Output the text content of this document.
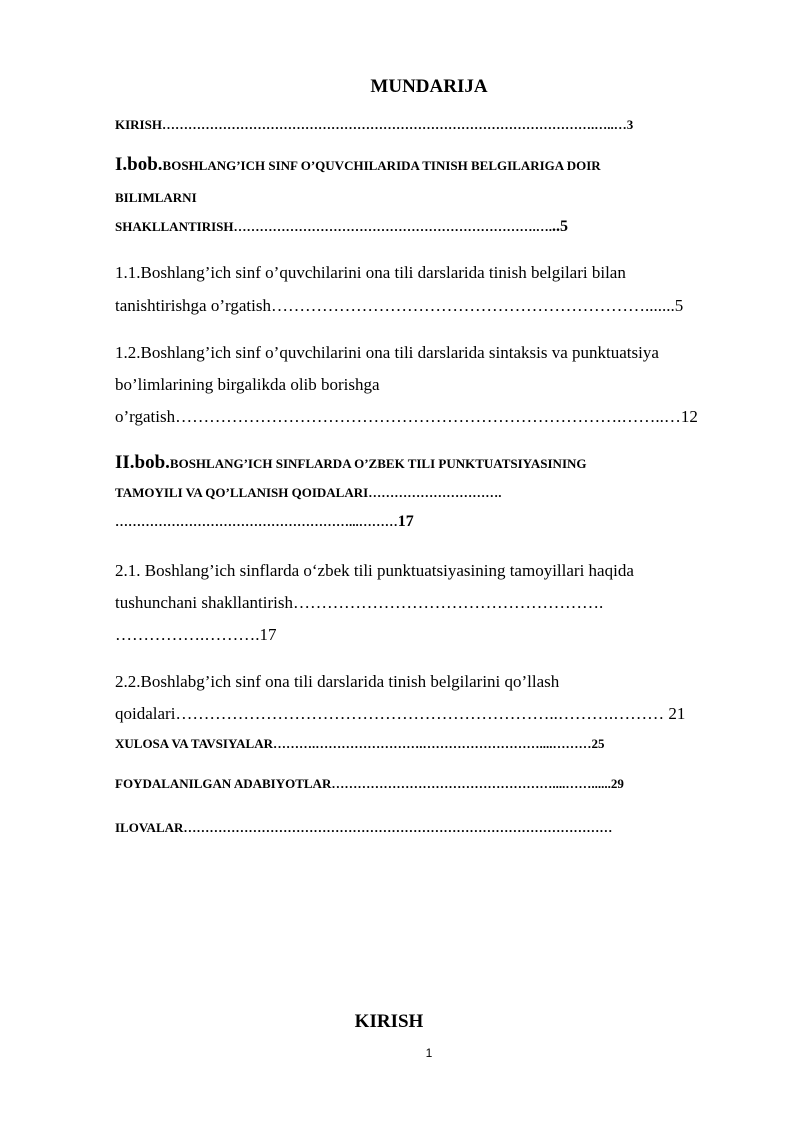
MUNDARIJA
KIRISH……………………………………………………………………………………….…..…3
I.bob.BOSHLANG’ICH SINF O’QUVCHILARIDA TINISH BELGILARIGA DOIR
BILIMLARNI
SHAKLLANTIRISH…………………………………………………………….…...5
1.1.Boshlang’ich sinf o’quvchilarini ona tili darslarida tinish belgilari bilan
tanishtirishga o’rgatish………………………………………………………….......5
1.2.Boshlang’ich sinf o’quvchilarini ona tili darslarida sintaksis va punktuatsiya
bo’limlarining birgalikda olib borishga
o’rgatish…………………………………………………………………….……..…12
II.bob.BOSHLANG’ICH SINFLARDA O’ZBEK TILI PUNKTUATSIYASINING
TAMOYILI VA QO’LLANISH QOIDALARI………………………….
………………………………………………...………17
2.1. Boshlang’ich sinflarda o‘zbek tili punktuatsiyasining tamoyillari haqida
tushunchani shakllantirish……………………………………………….
…………….……….17
2.2.Boshlabg’ich sinf ona tili darslarida tinish belgilarini qo’llash
qoidalari…………………………………………………………..……….……… 21
XULOSA VA TAVSIYALAR……….…………………….………………………....………25
FOYDALANILGAN ADABIYOTLAR……………………………………………....……......29
ILOVALAR………………………………………………………………………………………
KIRISH
1
